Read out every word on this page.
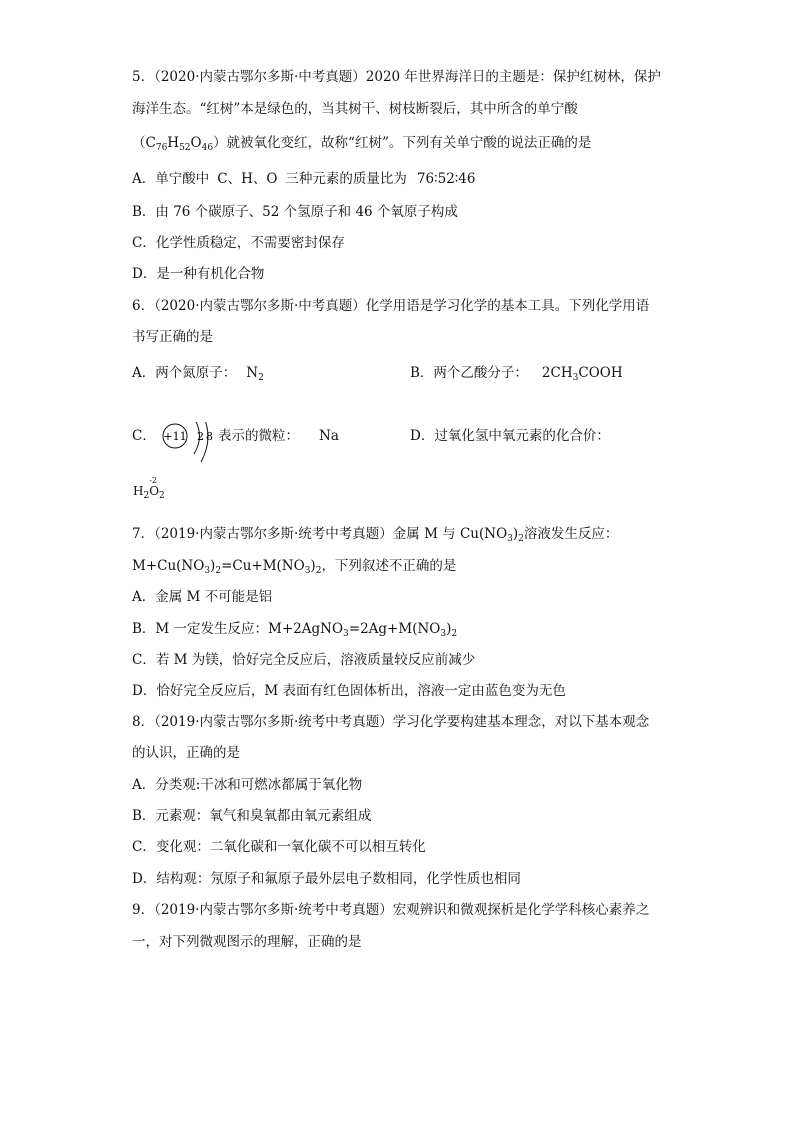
5．（2020·内蒙古鄂尔多斯·中考真题）2020 年世界海洋日的主题是：保护红树林，保护
海洋生态。“红树”本是绿色的，当其树干、树枝断裂后，其中所含的单宁酸
$(C_{76}H_{52}O_{46})$就被氧化变红，故称“红树”。下列有关单宁酸的说法正确的是
A．单宁酸中 C、H、O 三种元素的质量比为 76∶52∶46
B．由 76 个碳原子、52 个氢原子和 46 个氧原子构成
C．化学性质稳定，不需要密封保存
D．是一种有机化合物
6．（2020·内蒙古鄂尔多斯·中考真题）化学用语是学习化学的基本工具。下列化学用语
书写正确的是
A．两个氮原子： $N_2$	B．两个乙酸分子： $2CH_3COOH$
C． +11 2 8 表示的微粒： Na	D．过氧化氢中氧元素的化合价：
$H_2$
-2
$O_2$
7．（2019·内蒙古鄂尔多斯·统考中考真题）金属 M 与 $Cu(NO_3)_2$溶液发生反应：
$M+Cu(NO_3)_2=Cu+M(NO_3)_2$，下列叙述不正确的是
A．金属 M 不可能是铝
B．M 一定发生反应：$M+2AgNO_3=2Ag+M(NO_3)_2$
C．若 M 为镁，恰好完全反应后，溶液质量较反应前减少
D．恰好完全反应后，M 表面有红色固体析出，溶液一定由蓝色变为无色
8．（2019·内蒙古鄂尔多斯·统考中考真题）学习化学要构建基本理念，对以下基本观念
的认识，正确的是
A．分类观:干冰和可燃冰都属于氧化物
B．元素观：氧气和臭氧都由氧元素组成
C．变化观：二氧化碳和一氧化碳不可以相互转化
D．结构观：氖原子和氟原子最外层电子数相同，化学性质也相同
9．（2019·内蒙古鄂尔多斯·统考中考真题）宏观辨识和微观探析是化学学科核心素养之
一，对下列微观图示的理解，正确的是
